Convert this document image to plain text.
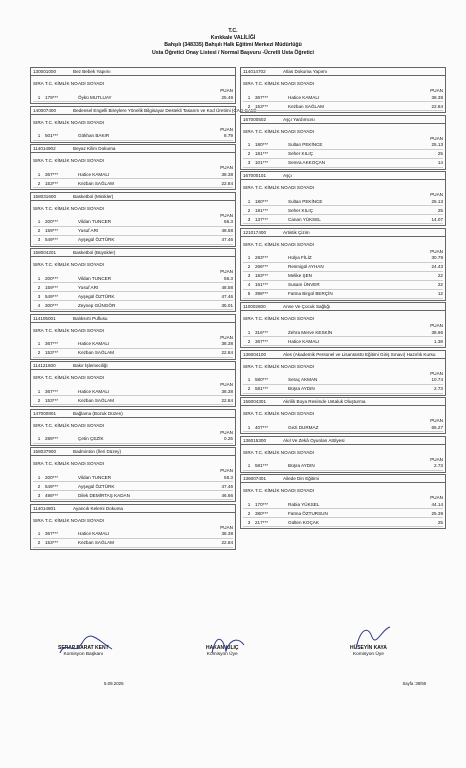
T.C.
Kırıkkale VALİLİĞİ
Bahşılı (348335) Bahşılı Halk Eğitimi Merkezi Müdürlüğü
Usta Öğretici Onay Listesi / Normal Başvuru -Ücretli Usta Öğretici
130001000	Bez Bebek Yapımı
SIRA T.C. KİMLİK NO ADI SOYADI
PUAN
1	179***	Öykü MUTLUAY	25.49
140007400	Bedensel Engelli Bireylere Yönelik Bilgisayar Destekli Tasarım ve Kod Üretimi (CAD-CAM)
SIRA T.C. KİMLİK NO ADI SOYADI
PUAN
1	501***	Gökhan BAKIR	8.79
114014902	Beyaz Kilim Dokuma
SIRA T.C. KİMLİK NO ADI SOYADI
PUAN
1	367***	Hatice KAMALI	38.38
2	153***	Kezban SAĞLAM	22.84
158031600	Basketbol (Minikler)
SIRA T.C. KİMLİK NO ADI SOYADI
PUAN
1	200***	Vildan TUNCER	56.3
2	159***	Yusuf ARI	48.58
3	549***	Ayşegül ÖZTÜRK	47.46
158004201	Basketbol (Büyükler)
SIRA T.C. KİMLİK NO ADI SOYADI
PUAN
1	200***	Vildan TUNCER	56.3
2	159***	Yusuf ARI	48.58
3	549***	Ayşegül ÖZTÜRK	47.46
4	300***	Zeynep GÜNGÖR	35.01
114105001	Balıksırtı Puflusu
SIRA T.C. KİMLİK NO ADI SOYADI
PUAN
1	367***	Hatice KAMALI	38.38
2	153***	Kezban SAĞLAM	22.84
114121600	Bakır İşlemeciliği
SIRA T.C. KİMLİK NO ADI SOYADI
PUAN
1	367***	Hatice KAMALI	38.38
2	153***	Kezban SAĞLAM	22.84
147000801	Bağlama (Bozuk Düzen)
SIRA T.C. KİMLİK NO ADI SOYADI
PUAN
1	289***	Çetin ÇEZİK	0.25
158037900	Badminton (İleri Düzey)
SIRA T.C. KİMLİK NO ADI SOYADI
PUAN
1	200***	Vildan TUNCER	56.3
2	549***	Ayşegül ÖZTÜRK	47.46
3	498***	Dilek DEMİRTAŞ KADAN	46.66
114014801	Ayancık Kelemi Dokuma
SIRA T.C. KİMLİK NO ADI SOYADI
PUAN
1	367***	Hatice KAMALI	38.38
2	153***	Kezban SAĞLAM	22.84
114014702	Atlas Dokuma Yapımı
SIRA T.C. KİMLİK NO ADI SOYADI
PUAN
1	367***	Hatice KAMALI	38.38
2	153***	Kezban SAĞLAM	22.84
167000502	Aşçı Yardımcısı
SIRA T.C. KİMLİK NO ADI SOYADI
PUAN
1	180***	Sultan PEKİNCE	25.13
2	181***	Seher KILIÇ	25
3	101***	Semra AKKOÇAN	14
167000101	Aşçı
SIRA T.C. KİMLİK NO ADI SOYADI
PUAN
1	180***	Sultan PEKİNCE	25.13
2	181***	Seher KILIÇ	25
3	137***	Canan YÜKSEL	14.07
121017400	Artistik Çizim
SIRA T.C. KİMLİK NO ADI SOYADI
PUAN
1	283***	Hülya FİLİZ	30.79
2	266***	Resmigül AYHAN	24.43
3	183***	Melike ŞEN	22
4	161***	Susam ÜNVER	22
5	398***	Fatma Birgül BERÇİN	12
110002800	Anne Ve Çocuk Sağlığı
SIRA T.C. KİMLİK NO ADI SOYADI
PUAN
1	316***	Zehra Merve KESKİN	38.66
2	367***	Hatice KAMALI	1.38
136004100	Ales (Akademik Personel ve Lisansüstü Eğitimi Giriş Sınavı) Hazırlık Kursu
SIRA T.C. KİMLİK NO ADI SOYADI
PUAN
1	580***	Seraç AKMAN	10.74
2	581***	Büşra AYDIN	2.73
156004301	Akrilik Boya Resimde Ustaluk Oluşturma
SIRA T.C. KİMLİK NO ADI SOYADI
PUAN
1	407***	Gezi DURMAZ	65.27
136015300	Akıl Ve Zekâ Oyunları Atölyesi
SIRA T.C. KİMLİK NO ADI SOYADI
PUAN
1	581***	Büşra AYDIN	2.73
136007401	Ailede Din Eğitimi
SIRA T.C. KİMLİK NO ADI SOYADI
PUAN
1	170***	Rabia YÜKSEL	44.14
2	380***	Fatma ÖZTURSUN	25.39
3	217***	Gülten KOÇAK	25
SERAP BARAT KENT
Komisyon Başkanı
HAKAN KILIÇ
Komisyon Üye
HÜSEYİN KAYA
Komisyon Üye
5.09.2025	Sayfa :38/59
